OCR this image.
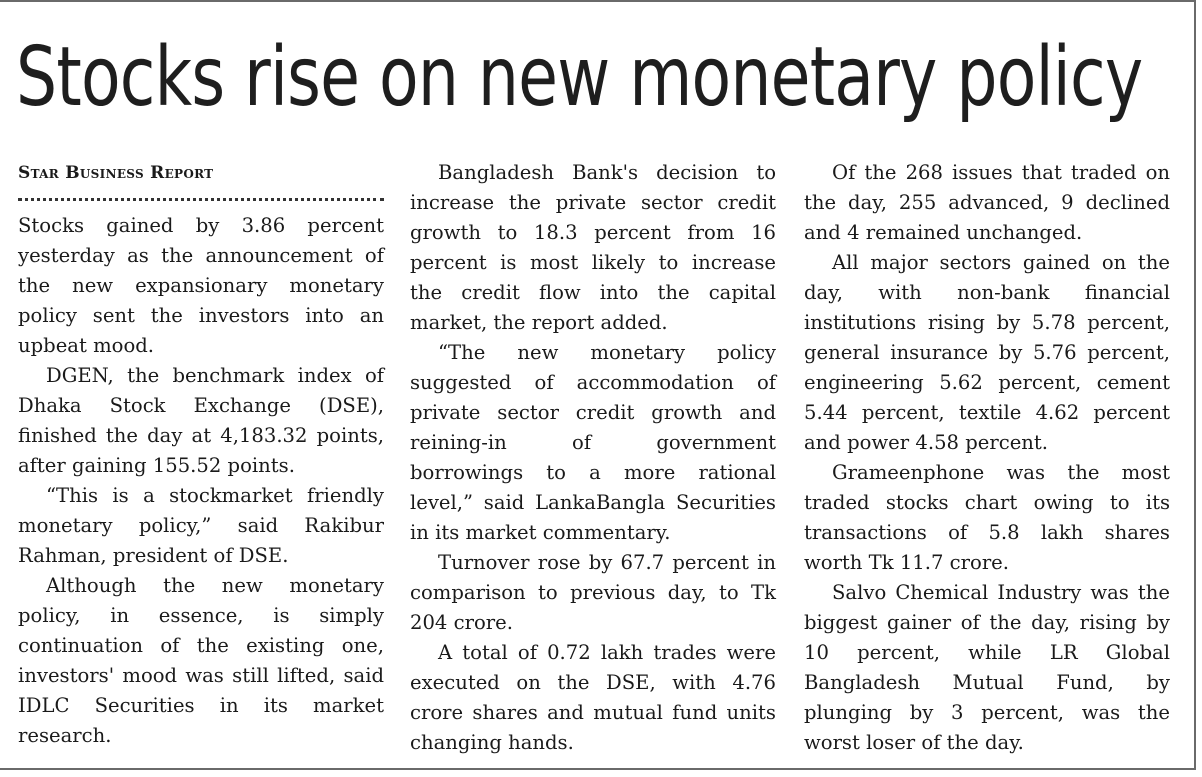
Stocks rise on new monetary policy

Star Business Report

Stocks gained by 3.86 percent yesterday as the announcement of the new expansionary monetary policy sent the investors into an upbeat mood.

DGEN, the benchmark index of Dhaka Stock Exchange (DSE), finished the day at 4,183.32 points, after gaining 155.52 points.

“This is a stockmarket friendly monetary policy,” said Rakibur Rahman, president of DSE.

Although the new monetary policy, in essence, is simply continuation of the existing one, investors' mood was still lifted, said IDLC Securities in its market research.

Bangladesh Bank's decision to increase the private sector credit growth to 18.3 percent from 16 percent is most likely to increase the credit flow into the capital market, the report added.

“The new monetary policy suggested of accommodation of private sector credit growth and reining-in of government borrowings to a more rational level,” said LankaBangla Securities in its market commentary.

Turnover rose by 67.7 percent in comparison to previous day, to Tk 204 crore.

A total of 0.72 lakh trades were executed on the DSE, with 4.76 crore shares and mutual fund units changing hands.

Of the 268 issues that traded on the day, 255 advanced, 9 declined and 4 remained unchanged.

All major sectors gained on the day, with non-bank financial institutions rising by 5.78 percent, general insurance by 5.76 percent, engineering 5.62 percent, cement 5.44 percent, textile 4.62 percent and power 4.58 percent.

Grameenphone was the most traded stocks chart owing to its transactions of 5.8 lakh shares worth Tk 11.7 crore.

Salvo Chemical Industry was the biggest gainer of the day, rising by 10 percent, while LR Global Bangladesh Mutual Fund, by plunging by 3 percent, was the worst loser of the day.
